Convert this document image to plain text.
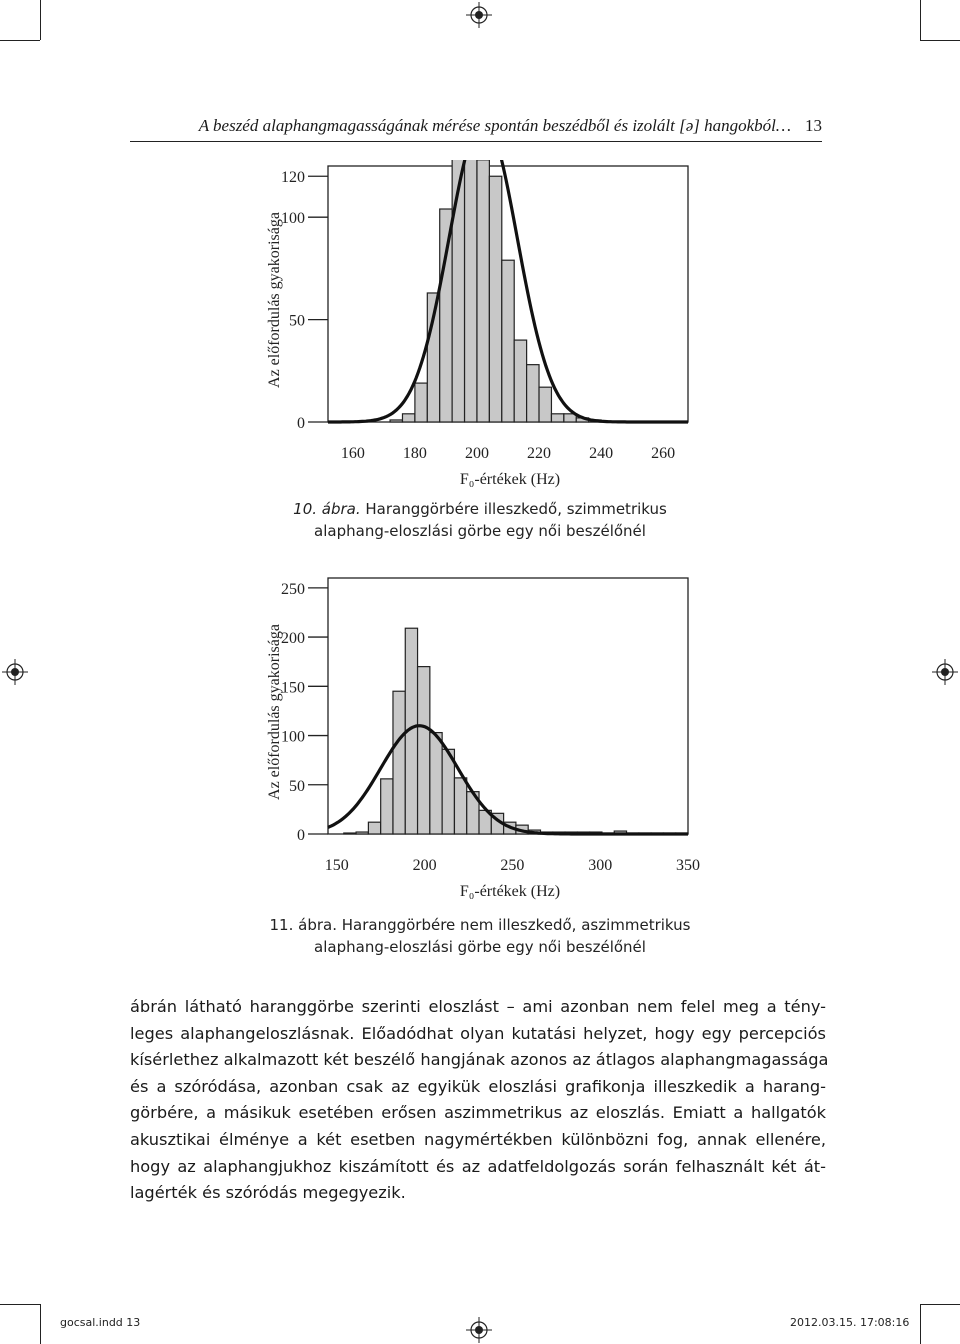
A beszéd alaphangmagasságának mérése spontán beszédből és izolált [ə] hangokból… 13
0
50
100
120
160 180 200 220 240 260
F₀-értékek (Hz)
Az előfordulás gyakorisága
10. ábra. Haranggörbére illeszkedő, szimmetrikus
alaphang-eloszlási görbe egy női beszélőnél
0
50
100
150
200
250
150	200	250	300	350
F₀-értékek (Hz)
Az előfordulás gyakorisága
11. ábra. Haranggörbére nem illeszkedő, aszimmetrikus
alaphang-eloszlási görbe egy női beszélőnél
ábrán látható haranggörbe szerinti eloszlást – ami azonban nem felel meg a tény-
leges alaphangeloszlásnak. Előadódhat olyan kutatási helyzet, hogy egy percepciós
kísérlethez alkalmazott két beszélő hangjának azonos az átlagos alaphangmagassága
és a szóródása, azonban csak az egyikük eloszlási grafikonja illeszkedik a harang-
görbére, a másikuk esetében erősen aszimmetrikus az eloszlás. Emiatt a hallgatók
akusztikai élménye a két esetben nagymértékben különbözni fog, annak ellenére,
hogy az alaphangjukhoz kiszámított és az adatfeldolgozás során felhasznált két át-
lagérték és szóródás megegyezik.
gocsal.indd 13	2012.03.15. 17:08:16
